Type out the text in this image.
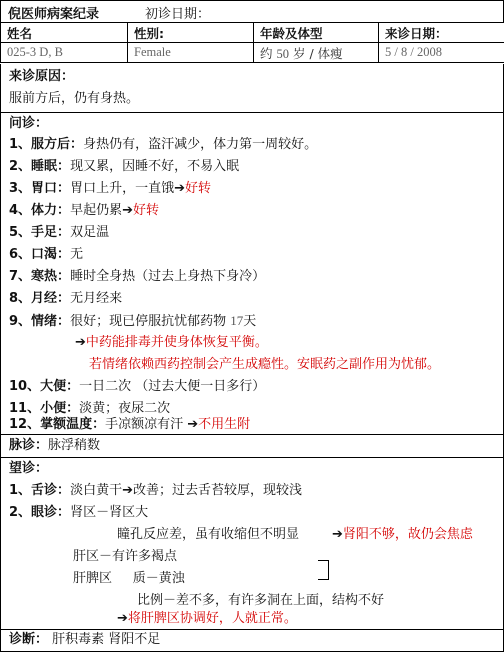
倪医师病案纪录	初诊日期：
姓名	性别:	年龄及体型	来诊日期：
025-3 D, B	Female	约 50 岁 / 体瘦	5 / 8 / 2008
来诊原因：
服前方后，仍有身热。
问诊：
1、服方后：身热仍有，盗汗减少，体力第一周较好。
2、睡眠：现又累，因睡不好，不易入眠
3、胃口：胃口上升，一直饿➔好转
4、体力：早起仍累➔好转
5、手足：双足温
6、口渴：无
7、寒热：睡时全身热（过去上身热下身冷）
8、月经：无月经来
9、情绪：很好；现已停服抗忧郁药物 17天
➔中药能排毒并使身体恢复平衡。
若情绪依赖西药控制会产生成瘾性。安眠药之副作用为忧郁。
10、大便：一日二次 （过去大便一日多行）
11、小便：淡黄；夜尿二次
12、掌额温度：手凉额凉有汗 ➔不用生附
脉诊：脉浮稍数
望诊：
1、舌诊：淡白黄干➔改善；过去舌苔较厚，现较浅
2、眼诊：肾区－肾区大
瞳孔反应差，虽有收缩但不明显	➔肾阳不够，故仍会焦虑
肝区－有许多褐点
肝脾区 质－黄浊
比例－差不多，有许多洞在上面，结构不好
➔将肝脾区协调好，人就正常。
诊断： 肝积毒素 肾阳不足
